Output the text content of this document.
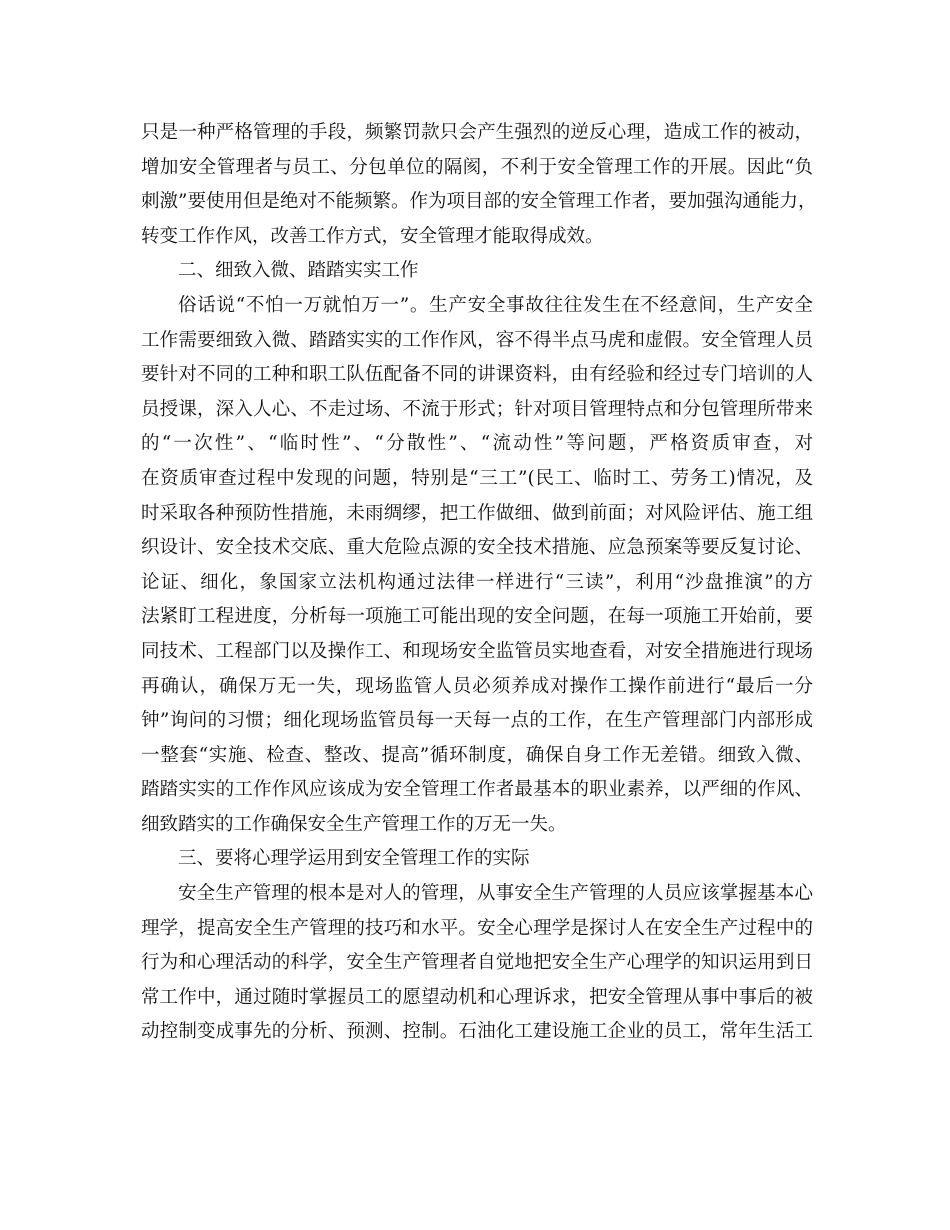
只是一种严格管理的手段，频繁罚款只会产生强烈的逆反心理，造成工作的被动，
增加安全管理者与员工、分包单位的隔阂，不利于安全管理工作的开展。因此“负
刺激”要使用但是绝对不能频繁。作为项目部的安全管理工作者，要加强沟通能力，
转变工作作风，改善工作方式，安全管理才能取得成效。
二、细致入微、踏踏实实工作
俗话说“不怕一万就怕万一”。生产安全事故往往发生在不经意间，生产安全
工作需要细致入微、踏踏实实的工作作风，容不得半点马虎和虚假。安全管理人员
要针对不同的工种和职工队伍配备不同的讲课资料，由有经验和经过专门培训的人
员授课，深入人心、不走过场、不流于形式；针对项目管理特点和分包管理所带来
的“一次性”、“临时性”、“分散性”、“流动性”等问题，严格资质审查，对
在资质审查过程中发现的问题，特别是“三工”(民工、临时工、劳务工)情况，及
时采取各种预防性措施，未雨绸缪，把工作做细、做到前面；对风险评估、施工组
织设计、安全技术交底、重大危险点源的安全技术措施、应急预案等要反复讨论、
论证、细化，象国家立法机构通过法律一样进行“三读”，利用“沙盘推演”的方
法紧盯工程进度，分析每一项施工可能出现的安全问题，在每一项施工开始前，要
同技术、工程部门以及操作工、和现场安全监管员实地查看，对安全措施进行现场
再确认，确保万无一失，现场监管人员必须养成对操作工操作前进行“最后一分
钟”询问的习惯；细化现场监管员每一天每一点的工作，在生产管理部门内部形成
一整套“实施、检查、整改、提高”循环制度，确保自身工作无差错。细致入微、
踏踏实实的工作作风应该成为安全管理工作者最基本的职业素养，以严细的作风、
细致踏实的工作确保安全生产管理工作的万无一失。
三、要将心理学运用到安全管理工作的实际
安全生产管理的根本是对人的管理，从事安全生产管理的人员应该掌握基本心
理学，提高安全生产管理的技巧和水平。安全心理学是探讨人在安全生产过程中的
行为和心理活动的科学，安全生产管理者自觉地把安全生产心理学的知识运用到日
常工作中，通过随时掌握员工的愿望动机和心理诉求，把安全管理从事中事后的被
动控制变成事先的分析、预测、控制。石油化工建设施工企业的员工，常年生活工
